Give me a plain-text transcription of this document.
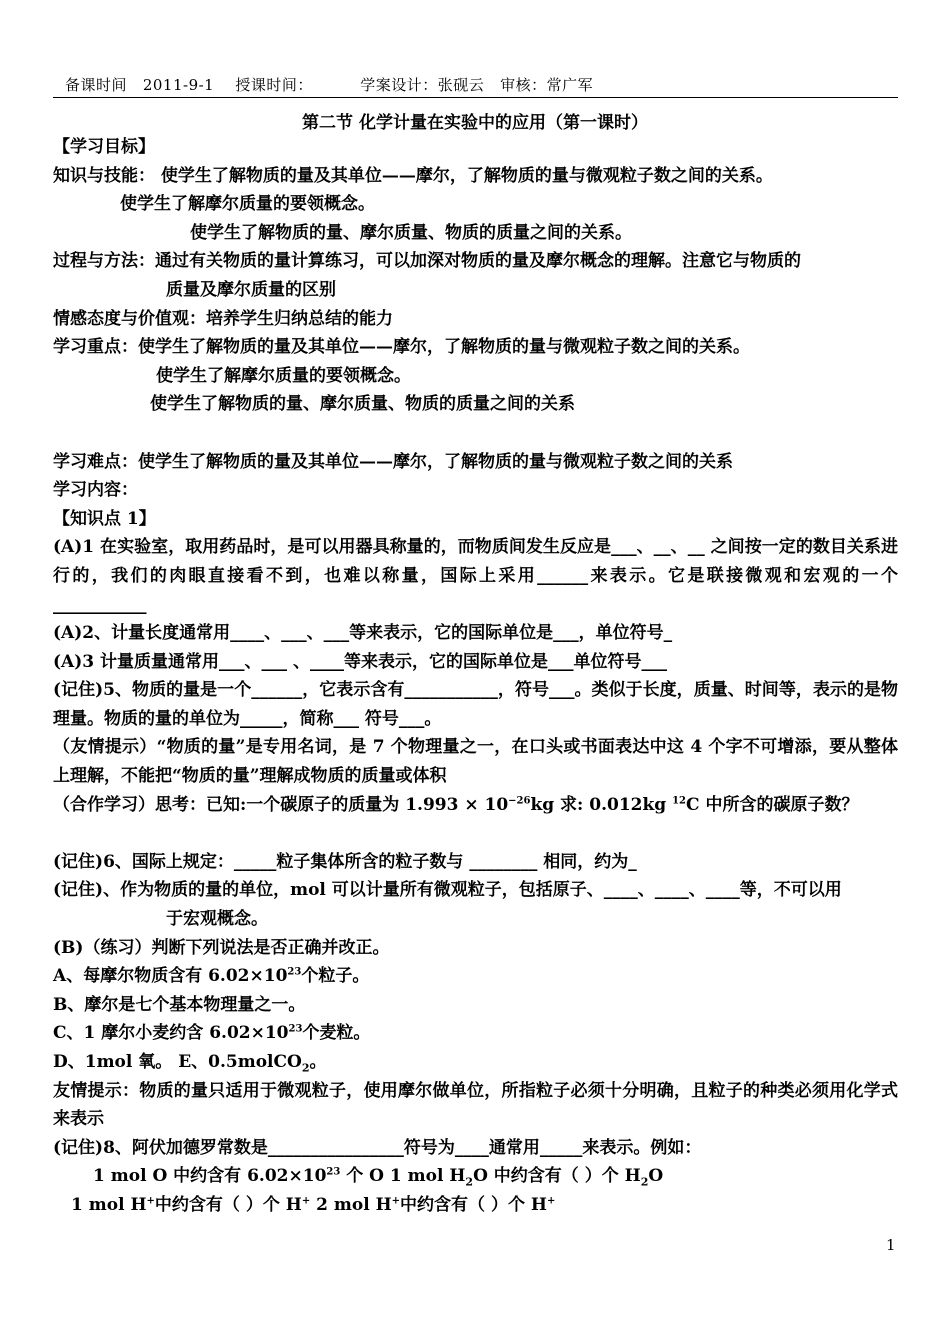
备课时间 2011-9-1 授课时间：	学案设计：张砚云 审核：常广军
第二节 化学计量在实验中的应用（第一课时）
【学习目标】
知识与技能： 使学生了解物质的量及其单位——摩尔，了解物质的量与微观粒子数之间的关系。
使学生了解摩尔质量的要领概念。
使学生了解物质的量、摩尔质量、物质的质量之间的关系。
过程与方法：通过有关物质的量计算练习，可以加深对物质的量及摩尔概念的理解。注意它与物质的
质量及摩尔质量的区别
情感态度与价值观：培养学生归纳总结的能力
学习重点：使学生了解物质的量及其单位——摩尔，了解物质的量与微观粒子数之间的关系。
使学生了解摩尔质量的要领概念。
使学生了解物质的量、摩尔质量、物质的质量之间的关系
学习难点：使学生了解物质的量及其单位——摩尔，了解物质的量与微观粒子数之间的关系
学习内容：
【知识点 1】
(A)1 在实验室，取用药品时，是可以用器具称量的，而物质间发生反应是___、__、__ 之间按一定的数目关系进行的，我们的肉眼直接看不到，也难以称量，国际上采用______来表示。它是联接微观和宏观的一个 ___________
(A)2、计量长度通常用____、___、___等来表示，它的国际单位是___，单位符号_
(A)3 计量质量通常用___、___ 、____等来表示，它的国际单位是___单位符号___
(记住)5、物质的量是一个______，它表示含有___________，符号___。类似于长度，质量、时间等，表示的是物理量。物质的量的单位为_____，简称___ 符号___。
（友情提示）“物质的量”是专用名词，是 7 个物理量之一，在口头或书面表达中这 4 个字不可增添，要从整体上理解，不能把“物质的量”理解成物质的质量或体积
（合作学习）思考：已知:一个碳原子的质量为 $1.993 \times 10^{-26}kg$ 求: 0.012kg $^{12}$C 中所含的碳原子数？
(记住)6、国际上规定：_____粒子集体所含的粒子数与 ________ 相同，约为_
(记住)、作为物质的量的单位，mol 可以计量所有微观粒子，包括原子、____、____、____等，不可以用
于宏观概念。
(B)（练习）判断下列说法是否正确并改正。
A、每摩尔物质含有 $6.02\times 10^{23}$个粒子。
B、摩尔是七个基本物理量之一。
C、1 摩尔小麦约含 $6.02\times 10^{23}$个麦粒。
D、1mol 氧。 E、0.5molCO$_2$。
友情提示：物质的量只适用于微观粒子，使用摩尔做单位，所指粒子必须十分明确，且粒子的种类必须用化学式来表示
(记住)8、阿伏加德罗常数是________________符号为____通常用_____来表示。例如：
1 mol O 中约含有 $6.02\times 10^{23}$ 个 O 1 mol $H_2O$ 中约含有（ ）个 $H_2O$
1 mol H+中约含有（ ）个 H+ 2 mol H+中约含有（ ）个 H+
1
